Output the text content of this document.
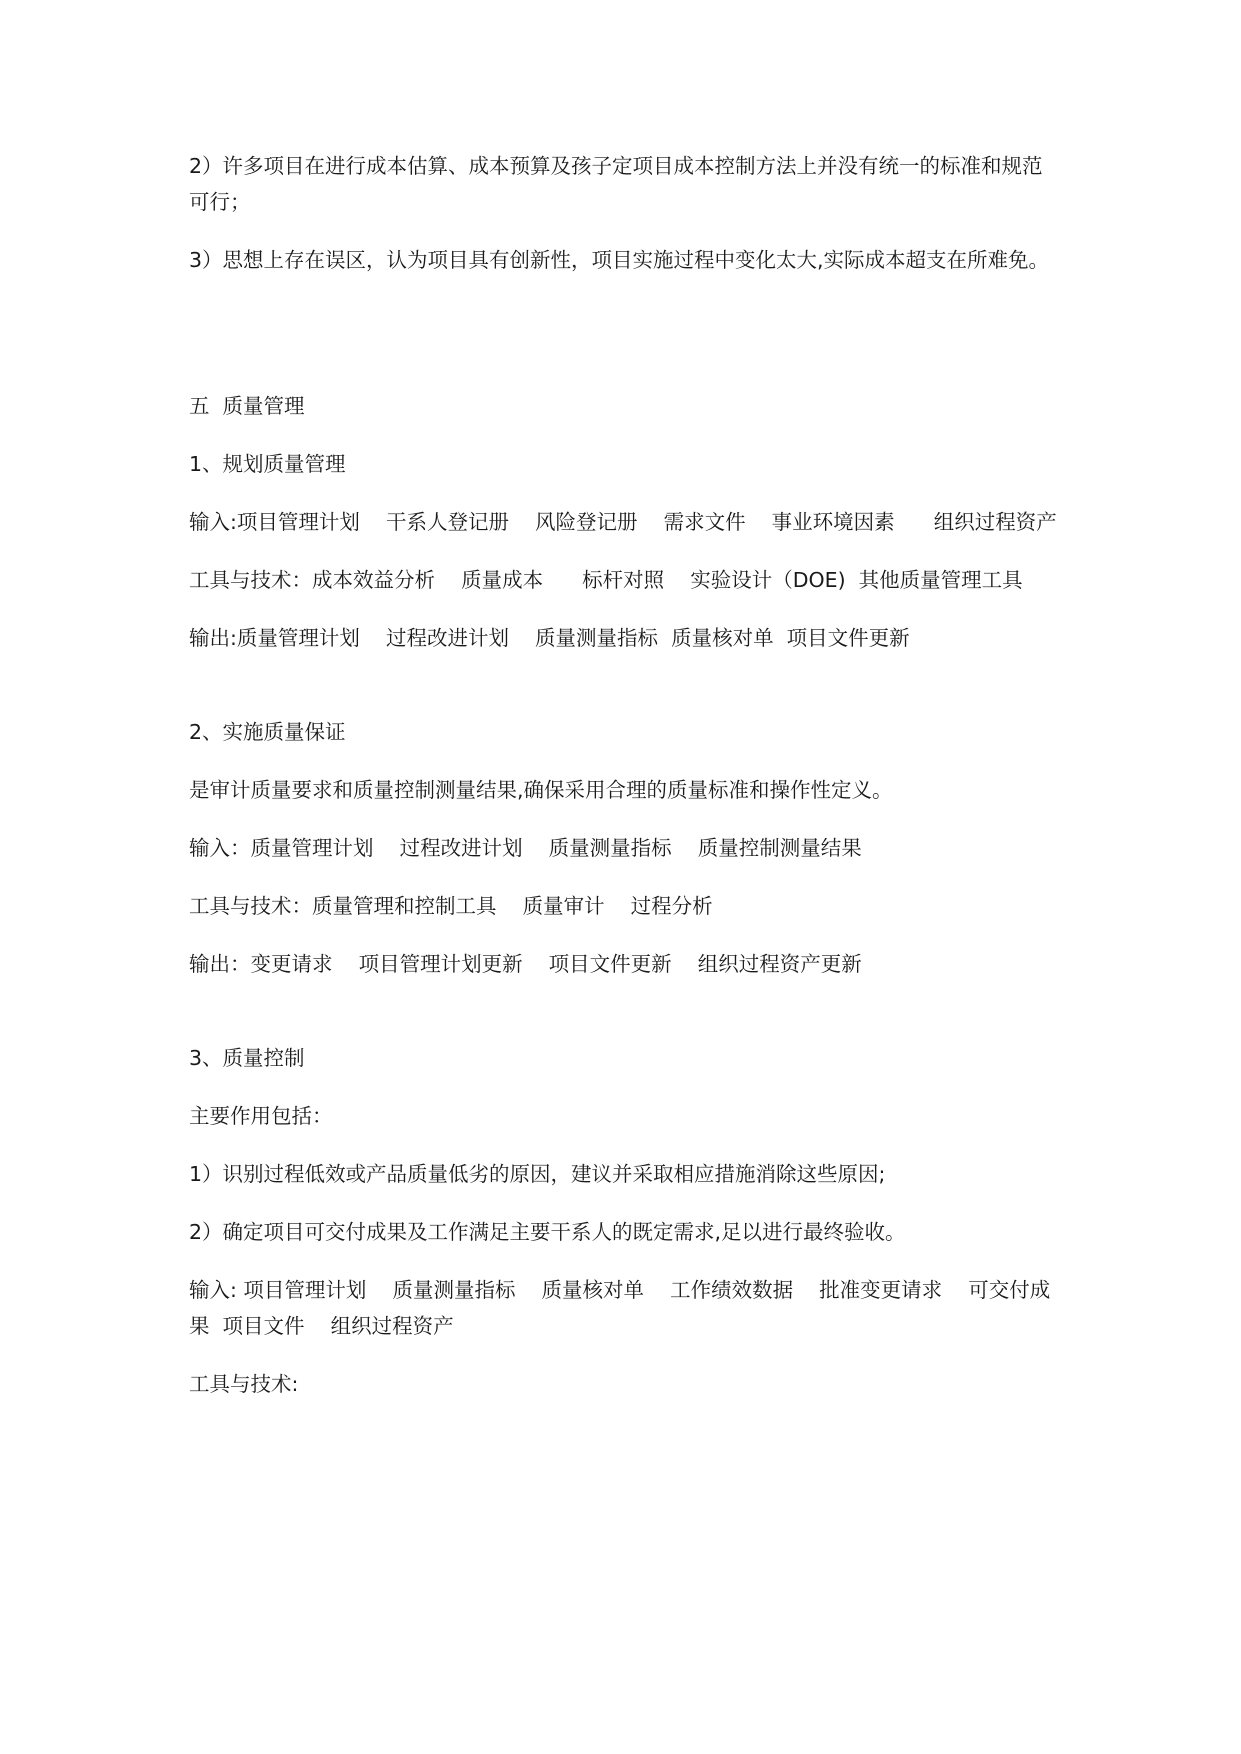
2）许多项目在进行成本估算、成本预算及孩子定项目成本控制方法上并没有统一的标准和规范可行；

3）思想上存在误区，认为项目具有创新性，项目实施过程中变化太大,实际成本超支在所难免。

五  质量管理

1、规划质量管理

输入:项目管理计划    干系人登记册    风险登记册    需求文件    事业环境因素      组织过程资产

工具与技术：成本效益分析    质量成本      标杆对照    实验设计（DOE)  其他质量管理工具

输出:质量管理计划    过程改进计划    质量测量指标  质量核对单  项目文件更新

2、实施质量保证

是审计质量要求和质量控制测量结果,确保采用合理的质量标准和操作性定义。

输入：质量管理计划    过程改进计划    质量测量指标    质量控制测量结果

工具与技术：质量管理和控制工具    质量审计    过程分析

输出：变更请求    项目管理计划更新    项目文件更新    组织过程资产更新

3、质量控制

主要作用包括：

1）识别过程低效或产品质量低劣的原因，建议并采取相应措施消除这些原因;

2）确定项目可交付成果及工作满足主要干系人的既定需求,足以进行最终验收。

输入: 项目管理计划    质量测量指标    质量核对单    工作绩效数据    批准变更请求    可交付成果  项目文件    组织过程资产

工具与技术:
